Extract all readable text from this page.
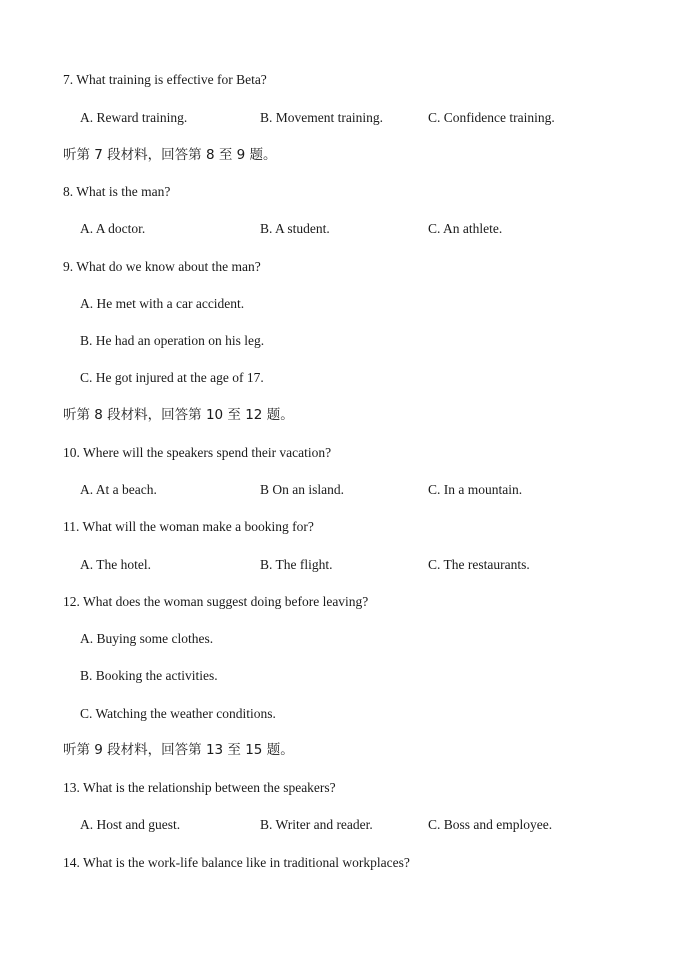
7. What training is effective for Beta?
A. Reward training.	B. Movement training.	C. Confidence training.
听第 7 段材料，回答第 8 至 9 题。
8. What is the man?
A. A doctor.	B. A student.	C. An athlete.
9. What do we know about the man?
A. He met with a car accident.
B. He had an operation on his leg.
C. He got injured at the age of 17.
听第 8 段材料，回答第 10 至 12 题。
10. Where will the speakers spend their vacation?
A. At a beach.	B On an island.	C. In a mountain.
11. What will the woman make a booking for?
A. The hotel.	B. The flight.	C. The restaurants.
12. What does the woman suggest doing before leaving?
A. Buying some clothes.
B. Booking the activities.
C. Watching the weather conditions.
听第 9 段材料，回答第 13 至 15 题。
13. What is the relationship between the speakers?
A. Host and guest.	B. Writer and reader.	C. Boss and employee.
14. What is the work-life balance like in traditional workplaces?
